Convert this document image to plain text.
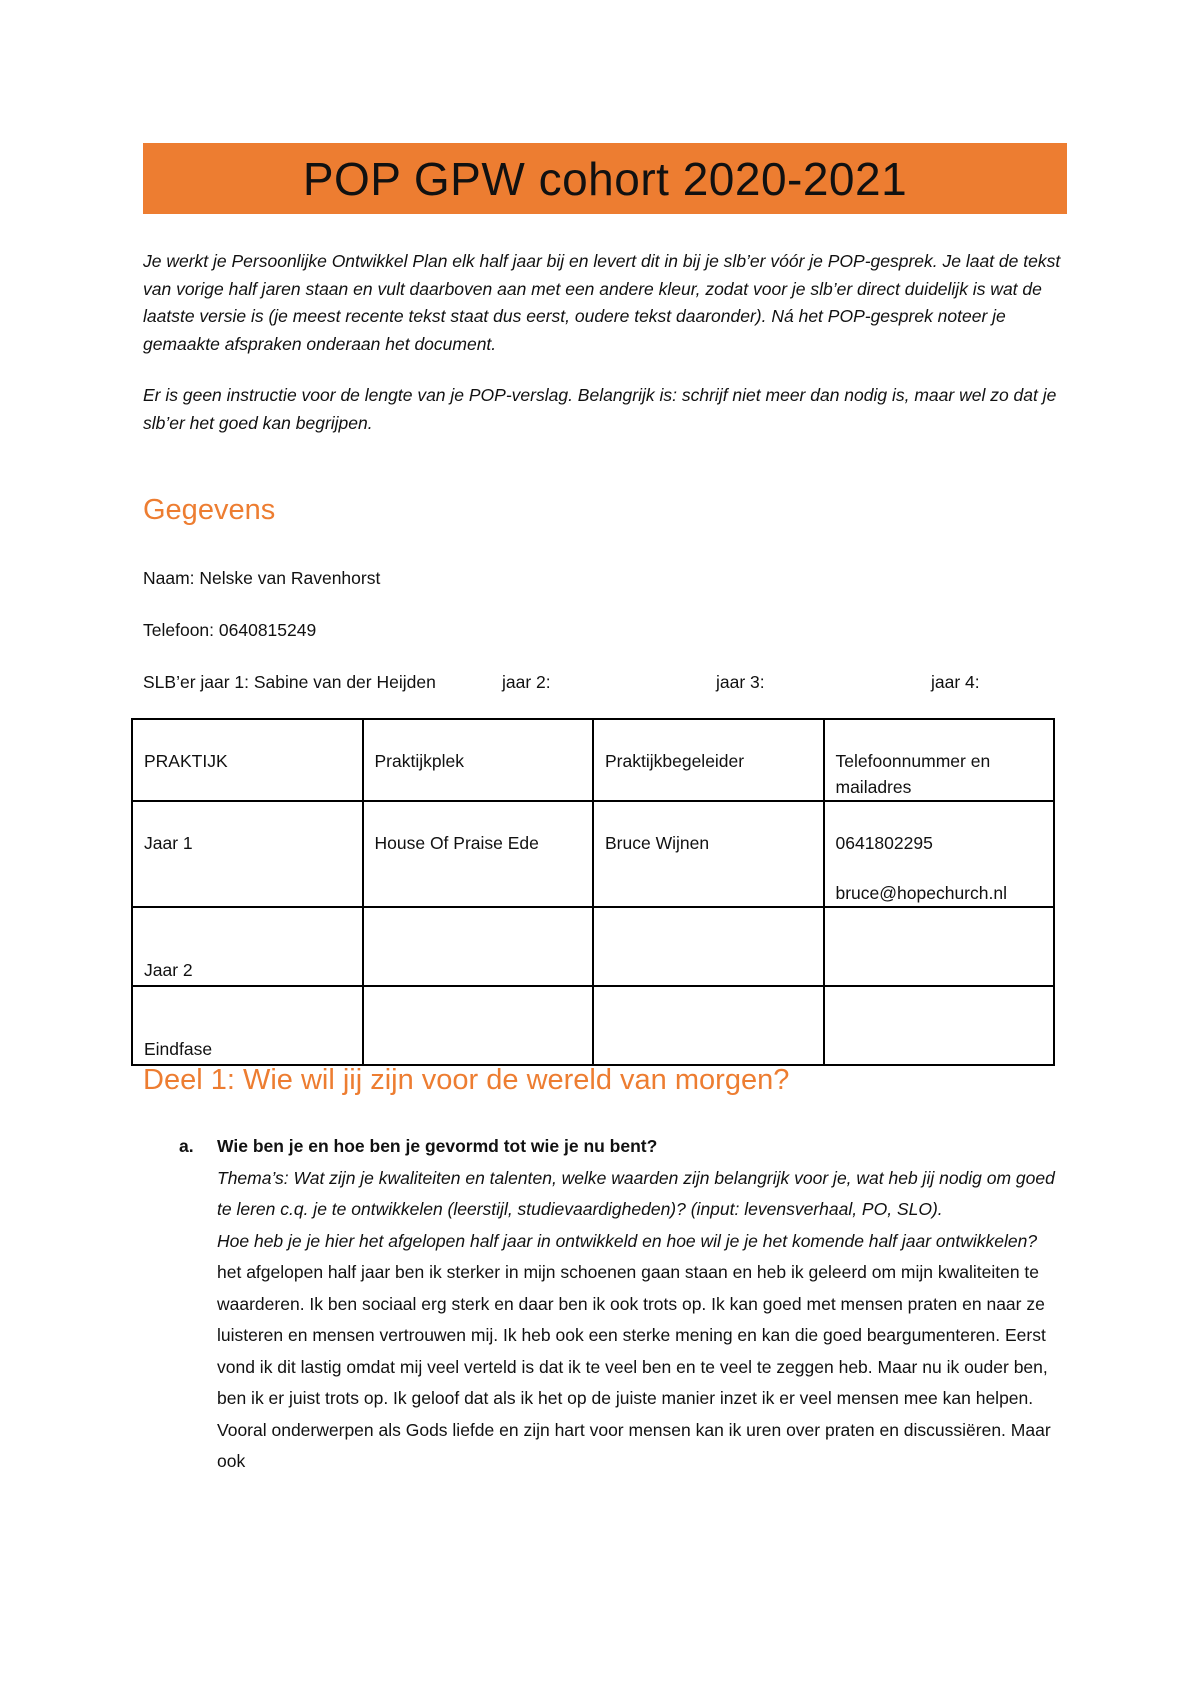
POP GPW cohort 2020-2021

Je werkt je Persoonlijke Ontwikkel Plan elk half jaar bij en levert dit in bij je slb’er vóór je POP-gesprek. Je laat de tekst van vorige half jaren staan en vult daarboven aan met een andere kleur, zodat voor je slb’er direct duidelijk is wat de laatste versie is (je meest recente tekst staat dus eerst, oudere tekst daaronder). Ná het POP-gesprek noteer je gemaakte afspraken onderaan het document.

Er is geen instructie voor de lengte van je POP-verslag. Belangrijk is: schrijf niet meer dan nodig is, maar wel zo dat je slb’er het goed kan begrijpen.

Gegevens

Naam: Nelske van Ravenhorst

Telefoon: 0640815249

SLB’er jaar 1: Sabine van der Heijden	jaar 2:	jaar 3:	jaar 4:
PRAKTIJK	Praktijkplek	Praktijkbegeleider	Telefoonnummer en mailadres
Jaar 1	House Of Praise Ede	Bruce Wijnen	0641802295
bruce@hopechurch.nl

Jaar 2			
Eindfase			
Deel 1: Wie wil jij zijn voor de wereld van morgen?
a. Wie ben je en hoe ben je gevormd tot wie je nu bent?
Thema’s: Wat zijn je kwaliteiten en talenten, welke waarden zijn belangrijk voor je, wat heb jij nodig om goed te leren c.q. je te ontwikkelen (leerstijl, studievaardigheden)? (input: levensverhaal, PO, SLO).
Hoe heb je je hier het afgelopen half jaar in ontwikkeld en hoe wil je je het komende half jaar ontwikkelen?
het afgelopen half jaar ben ik sterker in mijn schoenen gaan staan en heb ik geleerd om mijn kwaliteiten te waarderen. Ik ben sociaal erg sterk en daar ben ik ook trots op. Ik kan goed met mensen praten en naar ze luisteren en mensen vertrouwen mij. Ik heb ook een sterke mening en kan die goed beargumenteren. Eerst vond ik dit lastig omdat mij veel verteld is dat ik te veel ben en te veel te zeggen heb. Maar nu ik ouder ben, ben ik er juist trots op. Ik geloof dat als ik het op de juiste manier inzet ik er veel mensen mee kan helpen. Vooral onderwerpen als Gods liefde en zijn hart voor mensen kan ik uren over praten en discussiëren. Maar ook
